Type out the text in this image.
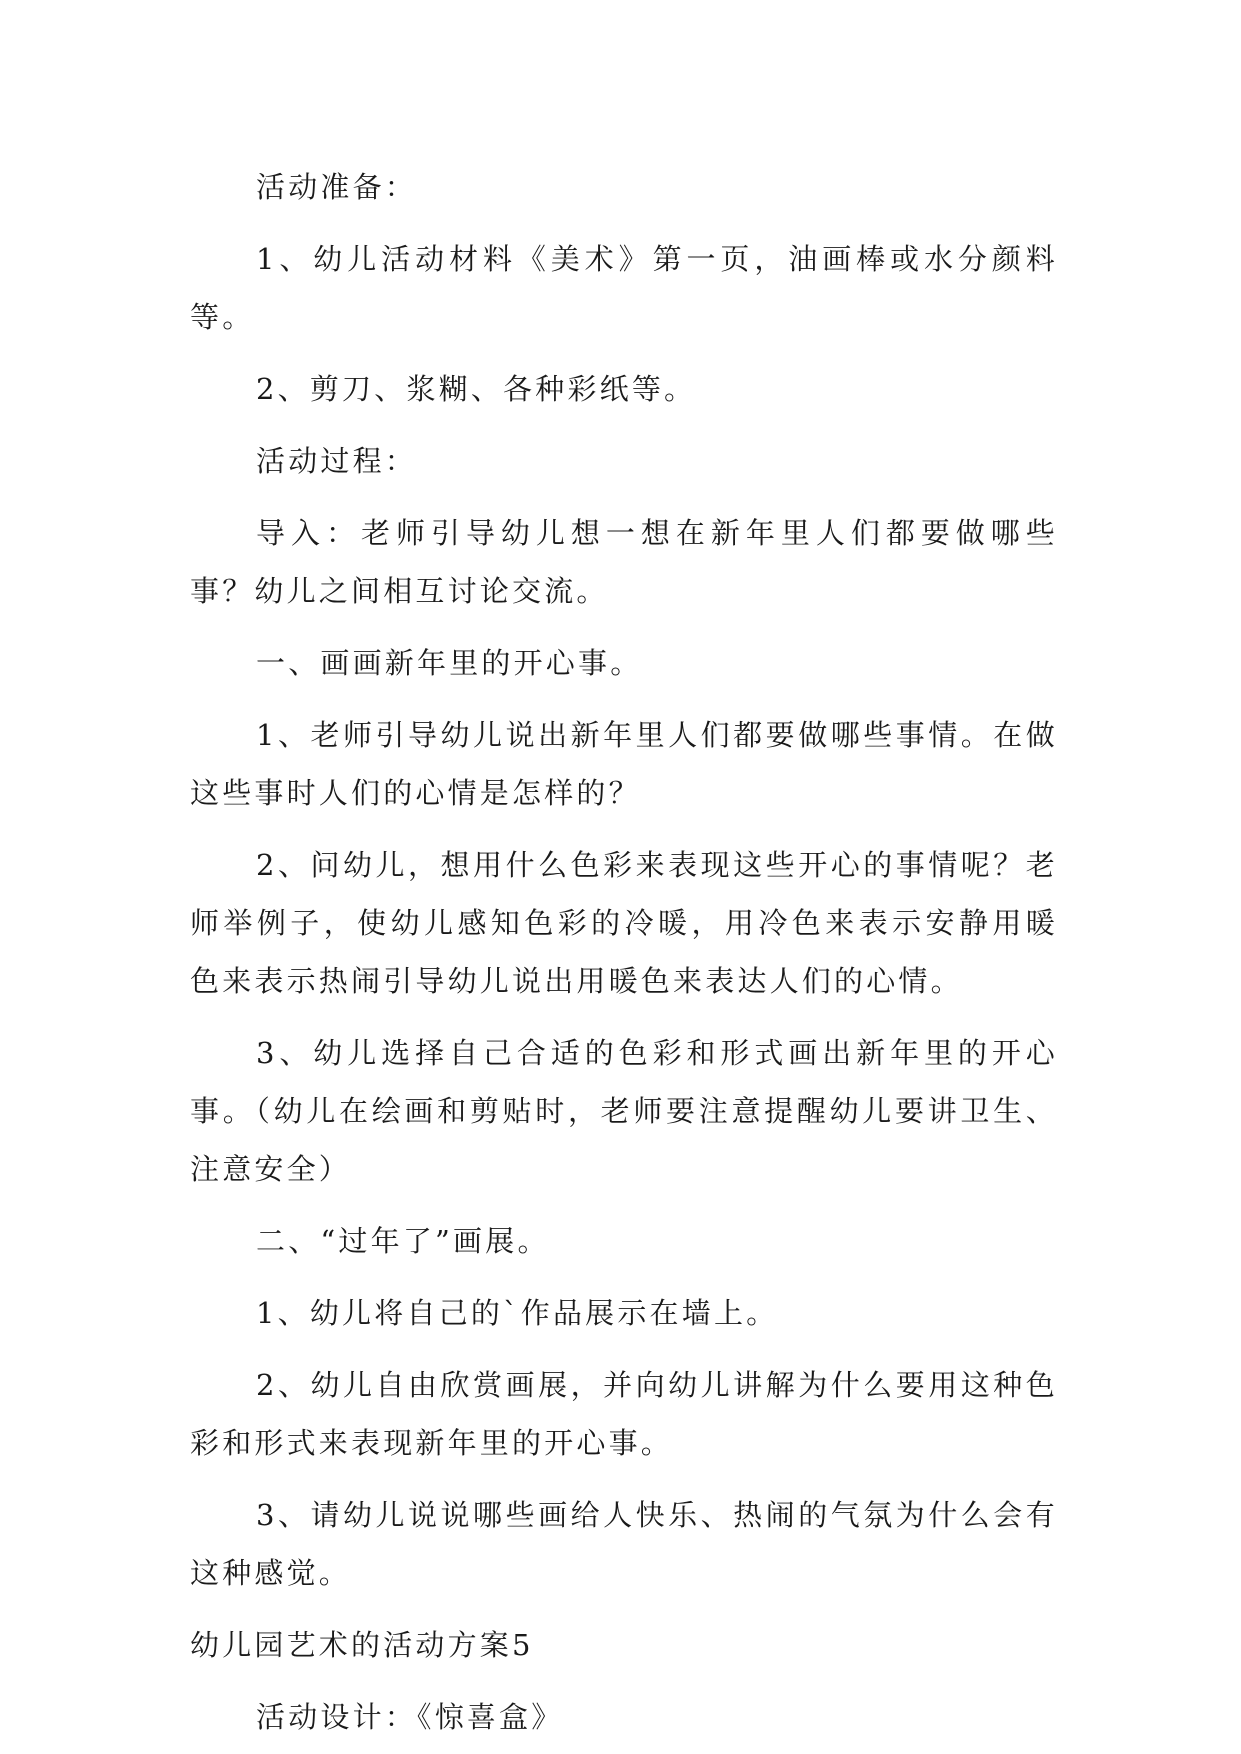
活动准备：

1、幼儿活动材料《美术》第一页，油画棒或水分颜料等。

2、剪刀、浆糊、各种彩纸等。

活动过程：

导入：老师引导幼儿想一想在新年里人们都要做哪些事？幼儿之间相互讨论交流。

一、画画新年里的开心事。

1、老师引导幼儿说出新年里人们都要做哪些事情。在做这些事时人们的心情是怎样的？

2、问幼儿，想用什么色彩来表现这些开心的事情呢？老师举例子，使幼儿感知色彩的冷暖，用冷色来表示安静用暖色来表示热闹引导幼儿说出用暖色来表达人们的心情。

3、幼儿选择自己合适的色彩和形式画出新年里的开心事。（幼儿在绘画和剪贴时，老师要注意提醒幼儿要讲卫生、注意安全）

二、“过年了”画展。

1、幼儿将自己的`作品展示在墙上。

2、幼儿自由欣赏画展，并向幼儿讲解为什么要用这种色彩和形式来表现新年里的开心事。

3、请幼儿说说哪些画给人快乐、热闹的气氛为什么会有这种感觉。

幼儿园艺术的活动方案5

活动设计：《惊喜盒》
